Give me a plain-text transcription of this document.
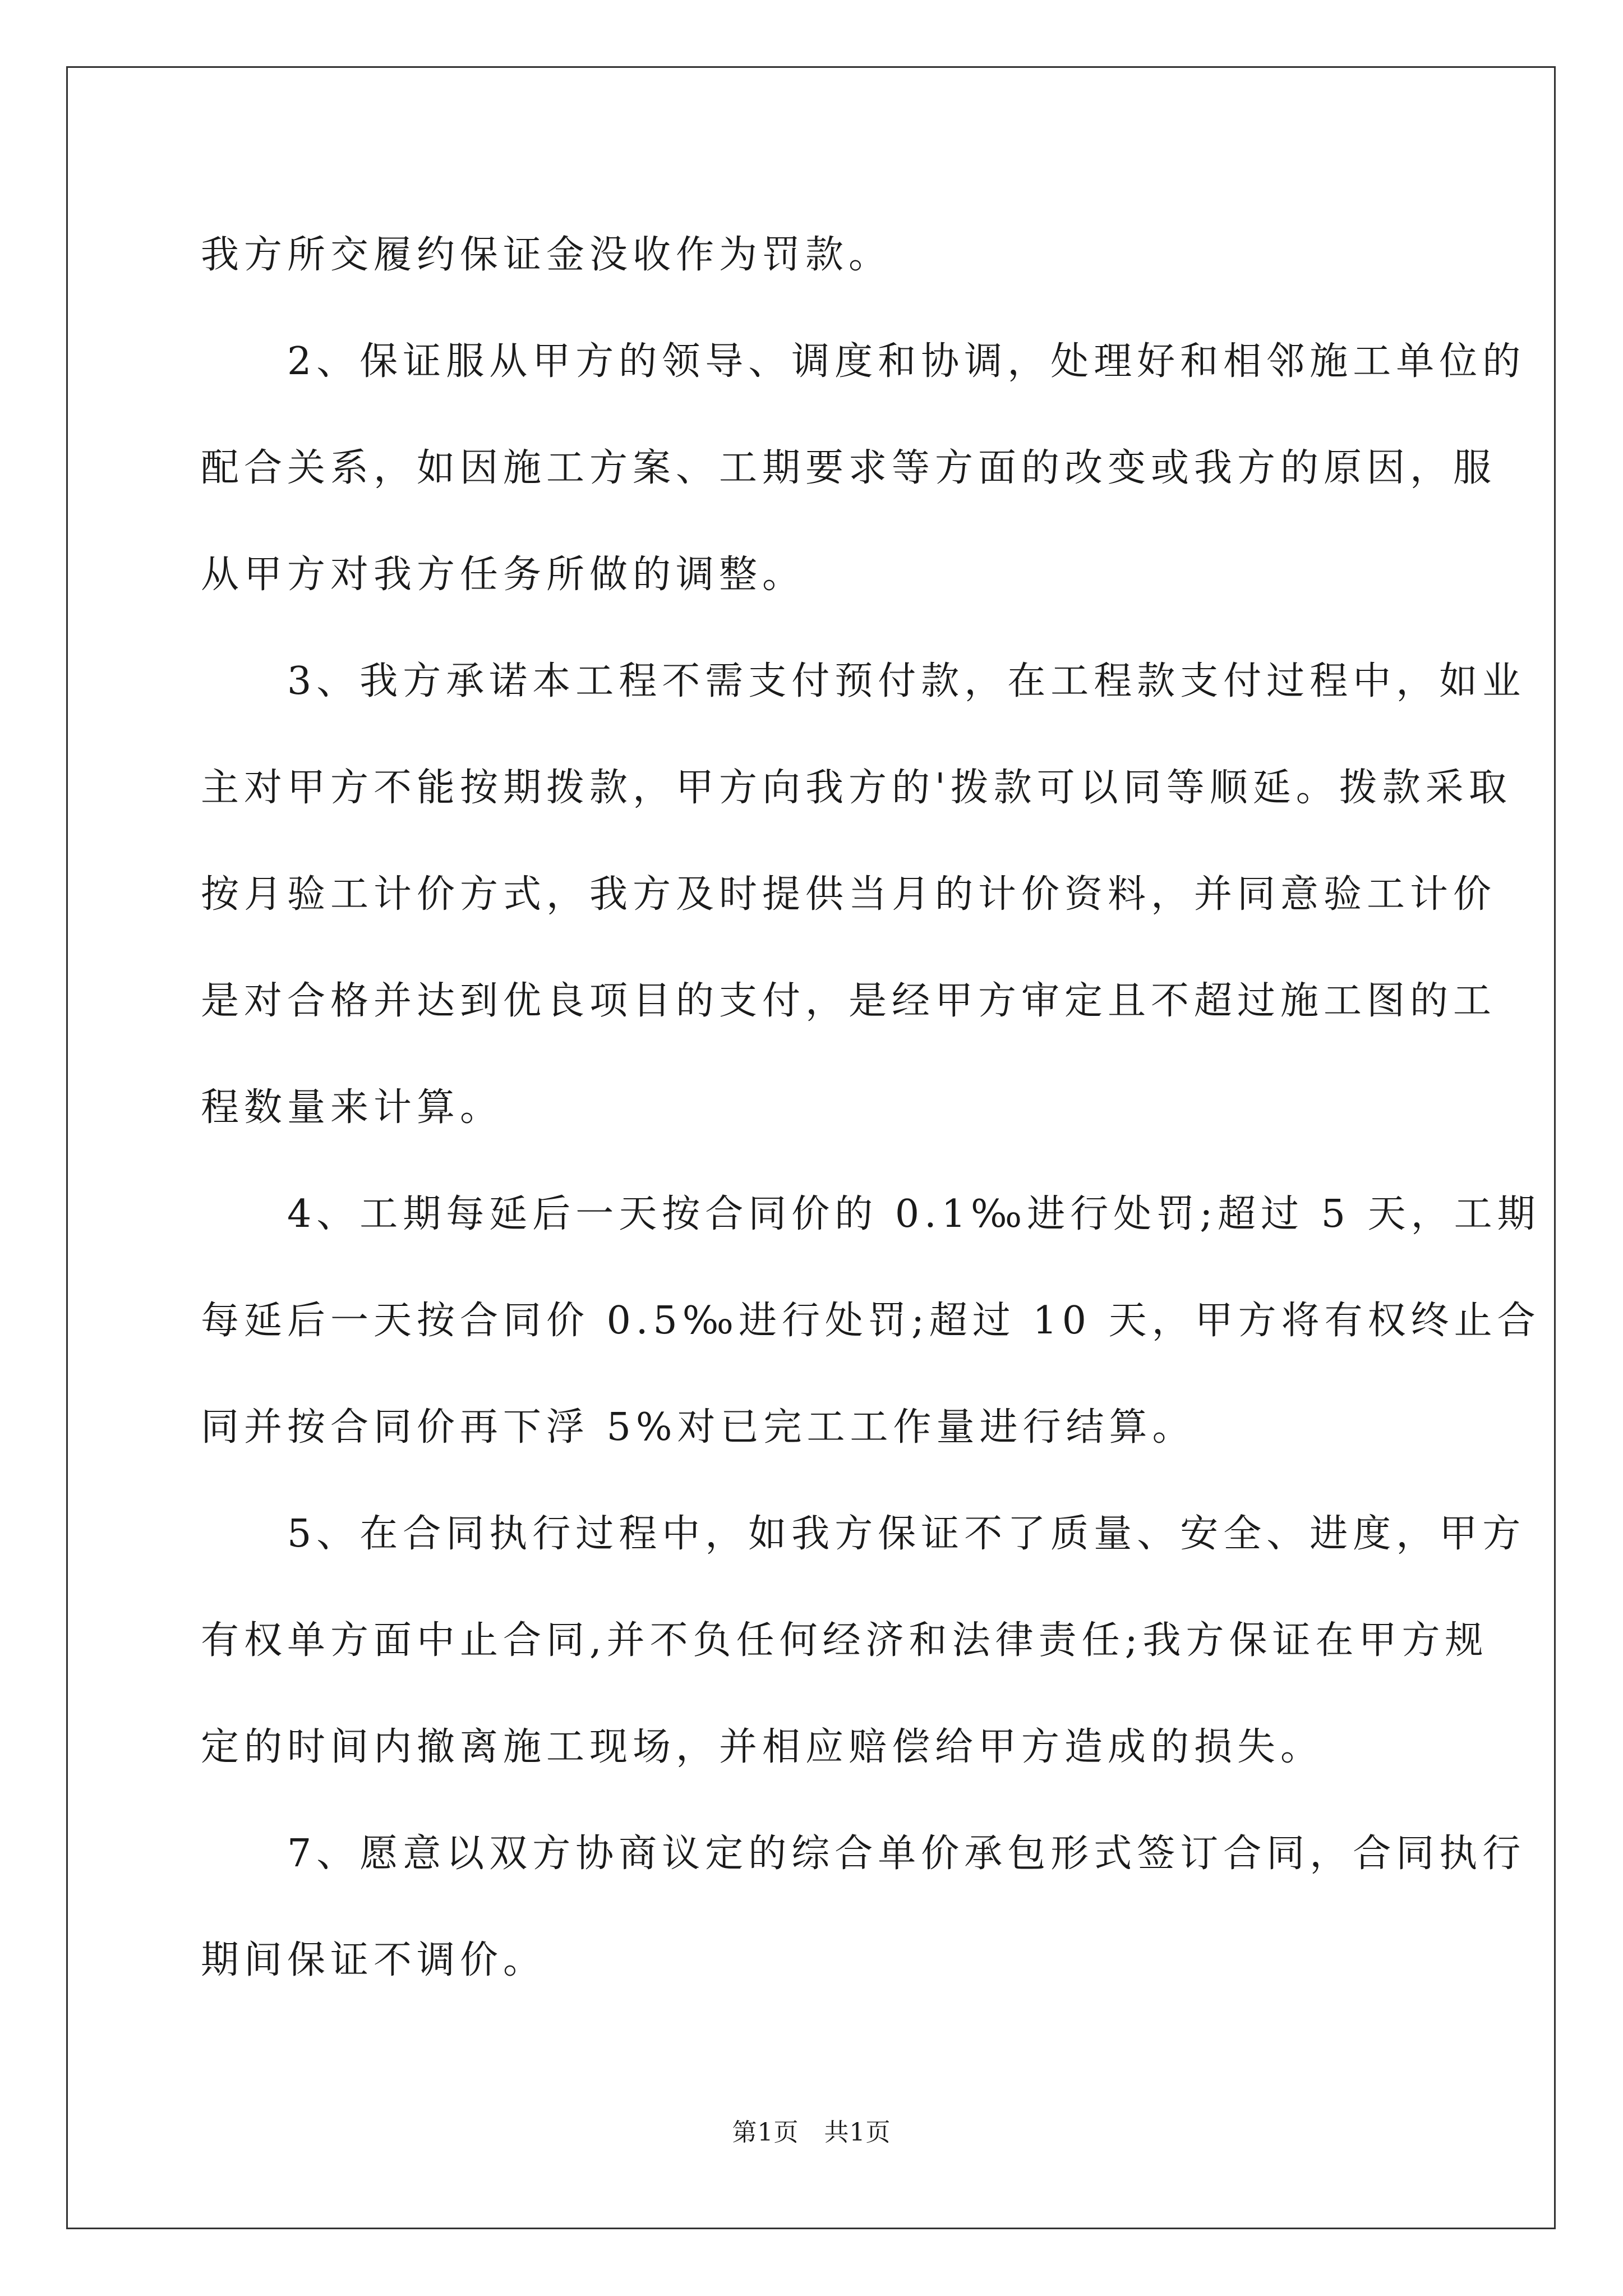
我方所交履约保证金没收作为罚款。
　　2、保证服从甲方的领导、调度和协调，处理好和相邻施工单位的
配合关系，如因施工方案、工期要求等方面的改变或我方的原因，服
从甲方对我方任务所做的调整。
　　3、我方承诺本工程不需支付预付款，在工程款支付过程中，如业
主对甲方不能按期拨款，甲方向我方的'拨款可以同等顺延。拨款采取
按月验工计价方式，我方及时提供当月的计价资料，并同意验工计价
是对合格并达到优良项目的支付，是经甲方审定且不超过施工图的工
程数量来计算。
　　4、工期每延后一天按合同价的 0.1‰进行处罚;超过 5 天，工期
每延后一天按合同价 0.5‰进行处罚;超过 10 天，甲方将有权终止合
同并按合同价再下浮 5%对已完工工作量进行结算。
　　5、在合同执行过程中，如我方保证不了质量、安全、进度，甲方
有权单方面中止合同,并不负任何经济和法律责任;我方保证在甲方规
定的时间内撤离施工现场，并相应赔偿给甲方造成的损失。
　　7、愿意以双方协商议定的综合单价承包形式签订合同，合同执行
期间保证不调价。
第1页　共1页
